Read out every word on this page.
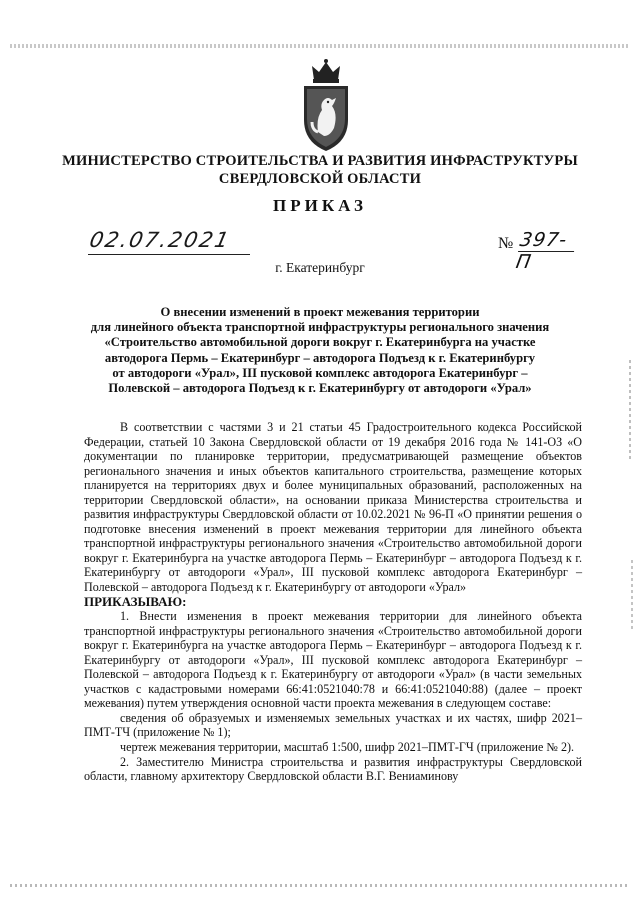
МИНИСТЕРСТВО СТРОИТЕЛЬСТВА И РАЗВИТИЯ ИНФРАСТРУКТУРЫ
СВЕРДЛОВСКОЙ ОБЛАСТИ
ПРИКАЗ
02.07.2021	№ 397-П
г. Екатеринбург
О внесении изменений в проект межевания территории
для линейного объекта транспортной инфраструктуры регионального значения
«Строительство автомобильной дороги вокруг г. Екатеринбурга на участке
автодорога Пермь – Екатеринбург – автодорога Подъезд к г. Екатеринбургу
от автодороги «Урал», III пусковой комплекс автодорога Екатеринбург –
Полевской – автодорога Подъезд к г. Екатеринбургу от автодороги «Урал»

В соответствии с частями 3 и 21 статьи 45 Градостроительного кодекса Российской Федерации, статьей 10 Закона Свердловской области от 19 декабря 2016 года № 141-ОЗ «О документации по планировке территории, предусматривающей размещение объектов регионального значения и иных объектов капитального строительства, размещение которых планируется на территориях двух и более муниципальных образований, расположенных на территории Свердловской области», на основании приказа Министерства строительства и развития инфраструктуры Свердловской области от 10.02.2021 № 96-П «О принятии решения о подготовке внесения изменений в проект межевания территории для линейного объекта транспортной инфраструктуры регионального значения «Строительство автомобильной дороги вокруг г. Екатеринбурга на участке автодорога Пермь – Екатеринбург – автодорога Подъезд к г. Екатеринбургу от автодороги «Урал», III пусковой комплекс автодорога Екатеринбург – Полевской – автодорога Подъезд к г. Екатеринбургу от автодороги «Урал»

ПРИКАЗЫВАЮ:

1. Внести изменения в проект межевания территории для линейного объекта транспортной инфраструктуры регионального значения «Строительство автомобильной дороги вокруг г. Екатеринбурга на участке автодорога Пермь – Екатеринбург – автодорога Подъезд к г. Екатеринбургу от автодороги «Урал», III пусковой комплекс автодорога Екатеринбург – Полевской – автодорога Подъезд к г. Екатеринбургу от автодороги «Урал» (в части земельных участков с кадастровыми номерами 66:41:0521040:78 и 66:41:0521040:88) (далее – проект межевания) путем утверждения основной части проекта межевания в следующем составе:

сведения об образуемых и изменяемых земельных участках и их частях, шифр 2021–ПМТ-ТЧ (приложение № 1);

чертеж межевания территории, масштаб 1:500, шифр 2021–ПМТ-ГЧ (приложение № 2).

2. Заместителю Министра строительства и развития инфраструктуры Свердловской области, главному архитектору Свердловской области В.Г. Вениаминову
